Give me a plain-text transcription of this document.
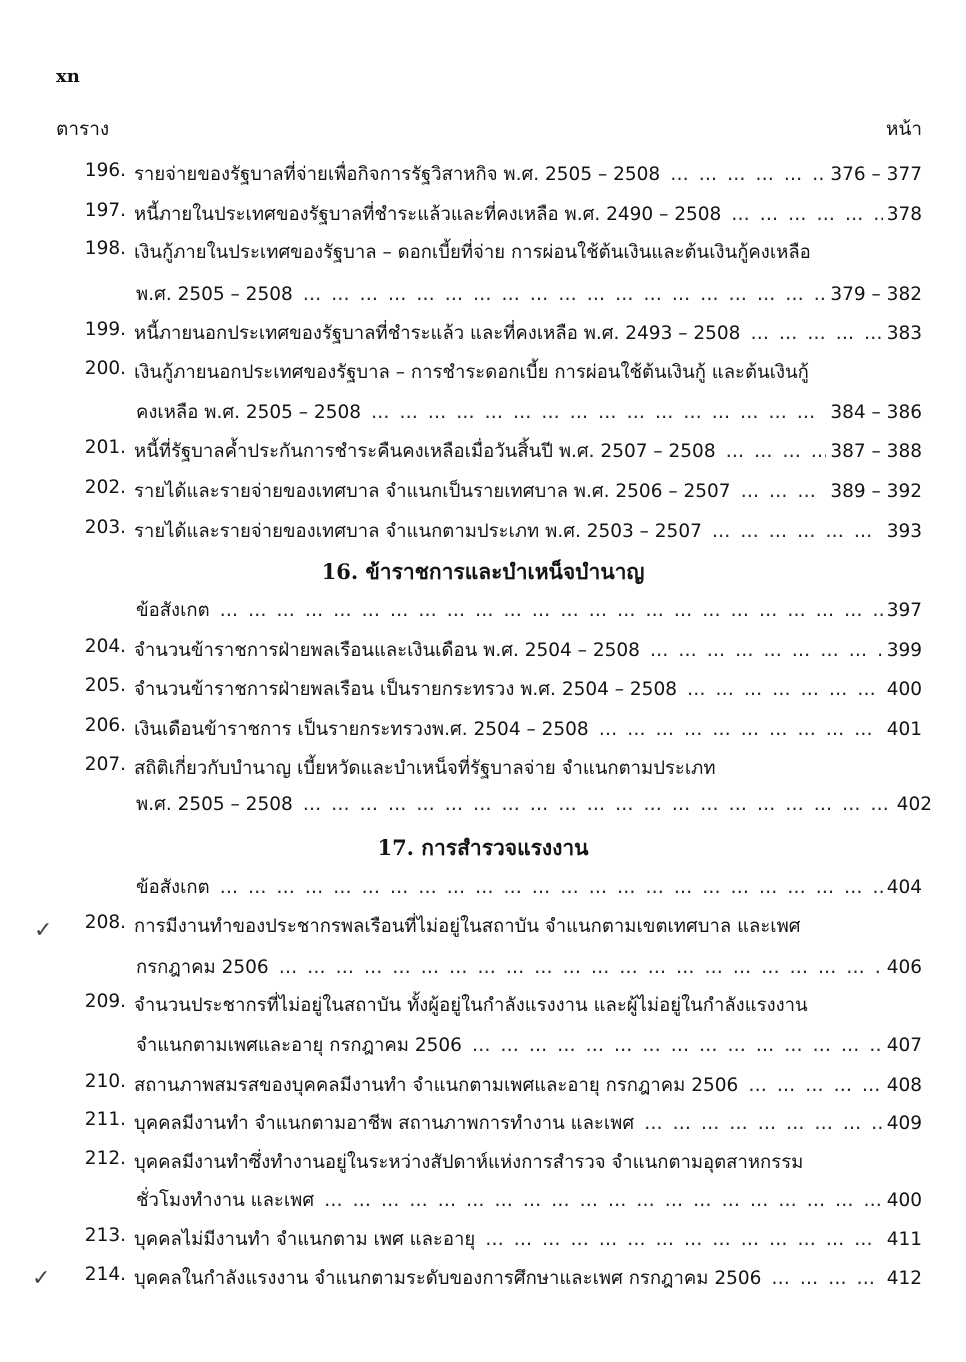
xn
ตาราง	หน้า
196. รายจ่ายของรัฐบาลที่จ่ายเพื่อกิจการรัฐวิสาหกิจ พ.ศ. 2505 – 2508 … … … … … … … … … … … … … … … … … … … … … … … … … … … … … … … … … … … … … … … … … …	376 – 377
197. หนี้ภายในประเทศของรัฐบาลที่ชำระแล้วและที่คงเหลือ พ.ศ. 2490 – 2508 … … … … … … … … … … … … … … … … … … … … … … … … … … … … … … … … … … … … … … … … … …	378
198. เงินกู้ภายในประเทศของรัฐบาล – ดอกเบี้ยที่จ่าย การผ่อนใช้ต้นเงินและต้นเงินกู้คงเหลือ
พ.ศ. 2505 – 2508 … … … … … … … … … … … … … … … … … … … … … … … … … … … … … … … … … … … … … … … … … …	379 – 382
199. หนี้ภายนอกประเทศของรัฐบาลที่ชำระแล้ว และที่คงเหลือ พ.ศ. 2493 – 2508 … … … … … … … … … … … … … … … … … … … … … … … … … … … … … … … … … … … … … … … … … …	383
200. เงินกู้ภายนอกประเทศของรัฐบาล – การชำระดอกเบี้ย การผ่อนใช้ต้นเงินกู้ และต้นเงินกู้
คงเหลือ พ.ศ. 2505 – 2508 … … … … … … … … … … … … … … … … … … … … … … … … … … … … … … … … … … … … … … … … … …	384 – 386
201. หนี้ที่รัฐบาลค้ำประกันการชำระคืนคงเหลือเมื่อวันสิ้นปี พ.ศ. 2507 – 2508 … … … … … … … … … … … … … … … … … … … … … … … … … … … … … … … … … … … … … … … … … …	387 – 388
202. รายได้และรายจ่ายของเทศบาล จำแนกเป็นรายเทศบาล พ.ศ. 2506 – 2507 … … … … … … … … … … … … … … … … … … … … … … … … … … … … … … … … … … … … … … … … … …	389 – 392
203. รายได้และรายจ่ายของเทศบาล จำแนกตามประเภท พ.ศ. 2503 – 2507 … … … … … … … … … … … … … … … … … … … … … … … … … … … … … … … … … … … … … … … … … …	393
16. ข้าราชการและบำเหน็จบำนาญ
ข้อสังเกต … … … … … … … … … … … … … … … … … … … … … … … … … … … … … … … … … … … … … … … … … …	397
204. จำนวนข้าราชการฝ่ายพลเรือนและเงินเดือน พ.ศ. 2504 – 2508 … … … … … … … … … … … … … … … … … … … … … … … … … … … … … … … … … … … … … … … … … …	399
205. จำนวนข้าราชการฝ่ายพลเรือน เป็นรายกระทรวง พ.ศ. 2504 – 2508 … … … … … … … … … … … … … … … … … … … … … … … … … … … … … … … … … … … … … … … … … …	400
206. เงินเดือนข้าราชการ เป็นรายกระทรวงพ.ศ. 2504 – 2508 … … … … … … … … … … … … … … … … … … … … … … … … … … … … … … … … … … … … … … … … … …	401
207. สถิติเกี่ยวกับบำนาญ เบี้ยหวัดและบำเหน็จที่รัฐบาลจ่าย จำแนกตามประเภท
พ.ศ. 2505 – 2508 … … … … … … … … … … … … … … … … … … … … … … … … … … … … … … … … … … … … … … … … … …	402
17. การสำรวจแรงงาน
ข้อสังเกต … … … … … … … … … … … … … … … … … … … … … … … … … … … … … … … … … … … … … … … … … …	404
✓	208. การมีงานทำของประชากรพลเรือนที่ไม่อยู่ในสถาบัน จำแนกตามเขตเทศบาล และเพศ
กรกฎาคม 2506 … … … … … … … … … … … … … … … … … … … … … … … … … … … … … … … … … … … … … … … … … …	406
209. จำนวนประชากรที่ไม่อยู่ในสถาบัน ทั้งผู้อยู่ในกำลังแรงงาน และผู้ไม่อยู่ในกำลังแรงงาน
จำแนกตามเพศและอายุ กรกฎาคม 2506 … … … … … … … … … … … … … … … … … … … … … … … … … … … … … … … … … … … … … … … … … …	407
210. สถานภาพสมรสของบุคคลมีงานทำ จำแนกตามเพศและอายุ กรกฎาคม 2506 … … … … … … … … … … … … … … … … … … … … … … … … … … … … … … … … … … … … … … … … … …	408
211. บุคคลมีงานทำ จำแนกตามอาชีพ สถานภาพการทำงาน และเพศ … … … … … … … … … … … … … … … … … … … … … … … … … … … … … … … … … … … … … … … … … …	409
212. บุคคลมีงานทำซึ่งทำงานอยู่ในระหว่างสัปดาห์แห่งการสำรวจ จำแนกตามอุตสาหกรรม
ชั่วโมงทำงาน และเพศ … … … … … … … … … … … … … … … … … … … … … … … … … … … … … … … … … … … … … … … … … …	400
213. บุคคลไม่มีงานทำ จำแนกตาม เพศ และอายุ … … … … … … … … … … … … … … … … … … … … … … … … … … … … … … … … … … … … … … … … … …	411
✓	214. บุคคลในกำลังแรงงาน จำแนกตามระดับของการศึกษาและเพศ กรกฎาคม 2506 … … … … … … … … … … … … … … … … … … … … … … … … … … … … … … … … … … … … … … … … … …	412
